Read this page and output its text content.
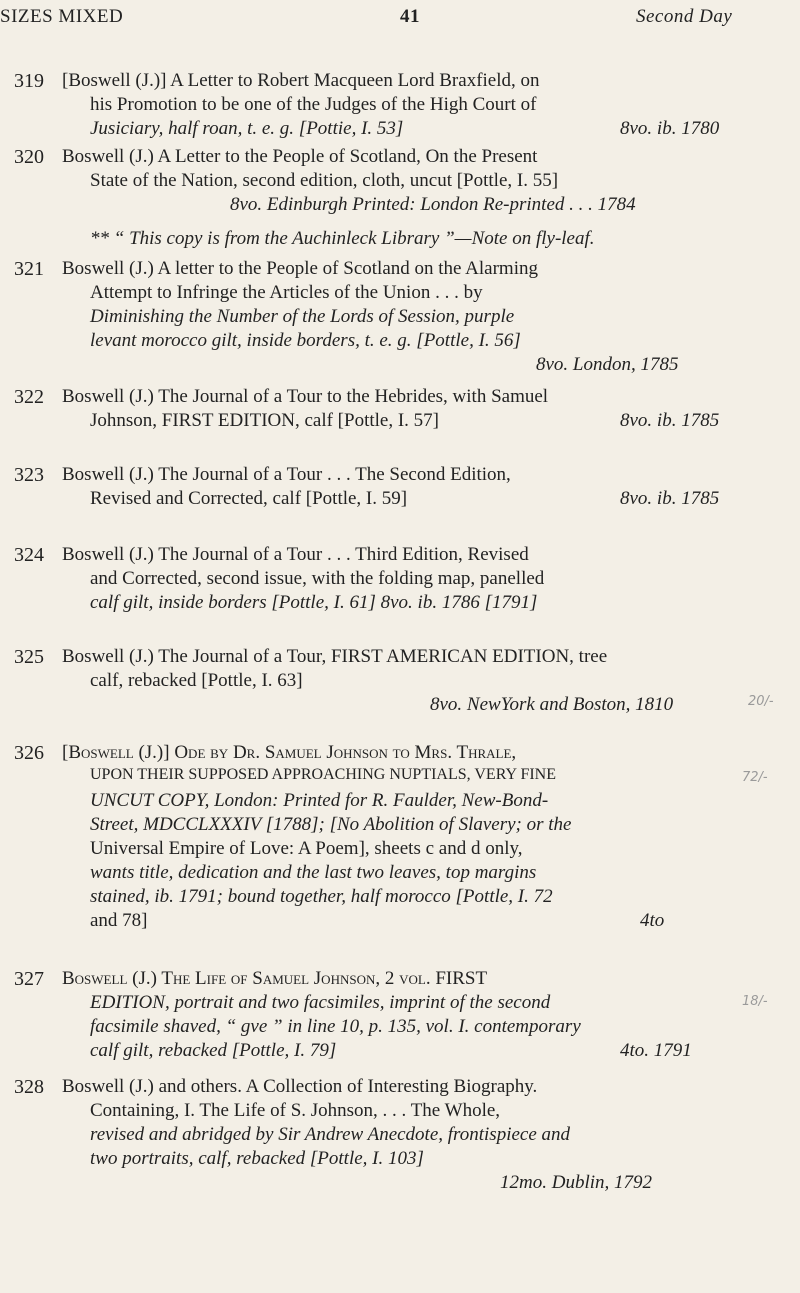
SIZES MIXED	41	Second Day
319 [Boswell (J.)] A Letter to Robert Macqueen Lord Braxfield, on
his Promotion to be one of the Judges of the High Court of
Jusiciary, half roan, t. e. g. [Pottie, I. 53]	8vo. ib. 1780
320 Boswell (J.) A Letter to the People of Scotland, On the Present
State of the Nation, second edition, cloth, uncut [Pottle, I. 55]
8vo. Edinburgh Printed: London Re-printed . . . 1784
** “ This copy is from the Auchinleck Library ”—Note on fly-leaf.
321 Boswell (J.) A letter to the People of Scotland on the Alarming
Attempt to Infringe the Articles of the Union . . . by
Diminishing the Number of the Lords of Session, purple
levant morocco gilt, inside borders, t. e. g. [Pottle, I. 56]
8vo. London, 1785
322 Boswell (J.) The Journal of a Tour to the Hebrides, with Samuel
Johnson, FIRST EDITION, calf [Pottle, I. 57]	8vo. ib. 1785
323 Boswell (J.) The Journal of a Tour . . . The Second Edition,
Revised and Corrected, calf [Pottle, I. 59]	8vo. ib. 1785
324 Boswell (J.) The Journal of a Tour . . . Third Edition, Revised
and Corrected, second issue, with the folding map, panelled
calf gilt, inside borders [Pottle, I. 61] 8vo. ib. 1786 [1791]
325 Boswell (J.) The Journal of a Tour, FIRST AMERICAN EDITION, tree
calf, rebacked [Pottle, I. 63]
8vo. NewYork and Boston, 1810
326 [Boswell (J.)] Ode by Dr. Samuel Johnson to Mrs. Thrale,
UPON THEIR SUPPOSED APPROACHING NUPTIALS, VERY FINE
UNCUT COPY, London: Printed for R. Faulder, New-Bond-
Street, MDCCLXXXIV [1788]; [No Abolition of Slavery; or the
Universal Empire of Love: A Poem], sheets c and d only,
wants title, dedication and the last two leaves, top margins
stained, ib. 1791; bound together, half morocco [Pottle, I. 72
and 78]	4to
327 Boswell (J.) The Life of Samuel Johnson, 2 vol. FIRST
EDITION, portrait and two facsimiles, imprint of the second
facsimile shaved, “ gve ” in line 10, p. 135, vol. I. contemporary
calf gilt, rebacked [Pottle, I. 79]	4to. 1791
328 Boswell (J.) and others. A Collection of Interesting Biography.
Containing, I. The Life of S. Johnson, . . . The Whole,
revised and abridged by Sir Andrew Anecdote, frontispiece and
two portraits, calf, rebacked [Pottle, I. 103]
12mo. Dublin, 1792
20/-
72/-
18/-
